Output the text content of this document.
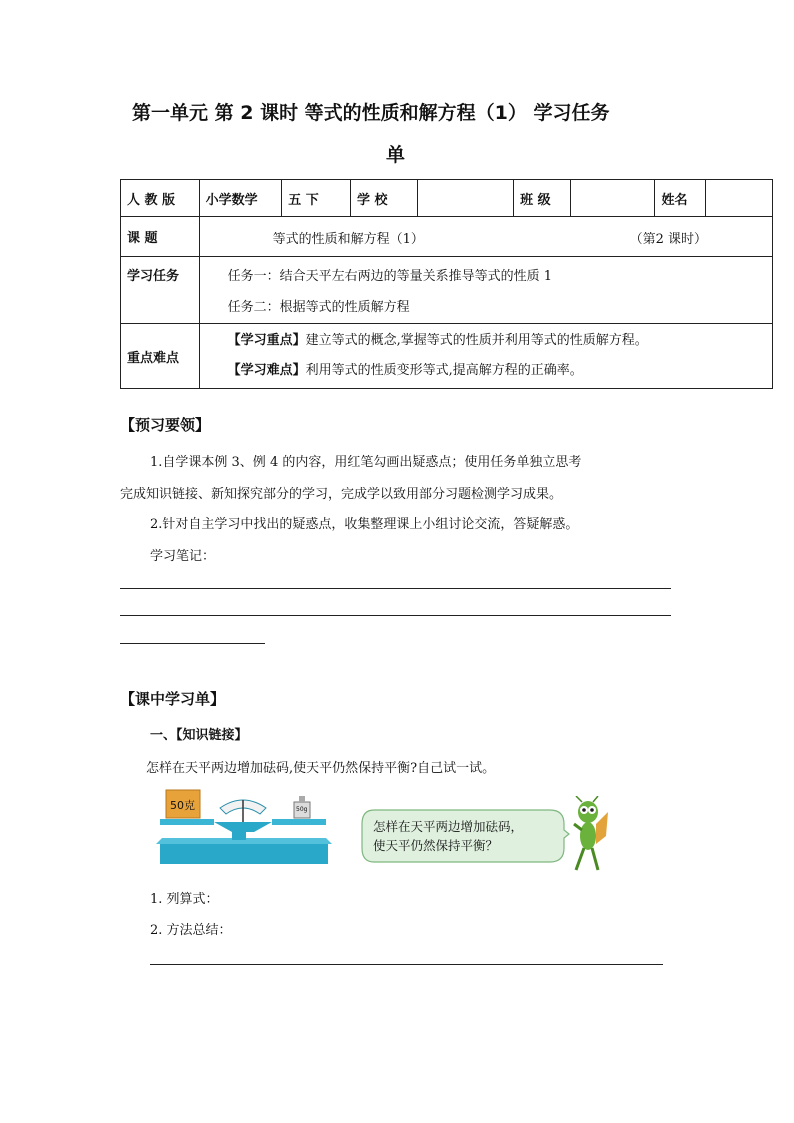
第一单元 第 2 课时 等式的性质和解方程（1） 学习任务
单
人 教 版	小学数学	五 下	学 校		班 级		姓名	
课 题	等式的性质和解方程（1） （第2 课时）							

学习任务	任务一：结合天平左右两边的等量关系推导等式的性质 1
任务二：根据等式的性质解方程							

重点难点	【学习重点】建立等式的概念,掌握等式的性质并利用等式的性质解方程。
【学习难点】利用等式的性质变形等式,提高解方程的正确率。							
【预习要领】
1.自学课本例 3、例 4 的内容，用红笔勾画出疑惑点；使用任务单独立思考
完成知识链接、新知探究部分的学习，完成学以致用部分习题检测学习成果。
2.针对自主学习中找出的疑惑点，收集整理课上小组讨论交流，答疑解惑。
学习笔记：
【课中学习单】
一、【知识链接】
怎样在天平两边增加砝码,使天平仍然保持平衡?自己试一试。
50克	50g
怎样在天平两边增加砝码，
使天平仍然保持平衡？
1. 列算式：
2. 方法总结：
